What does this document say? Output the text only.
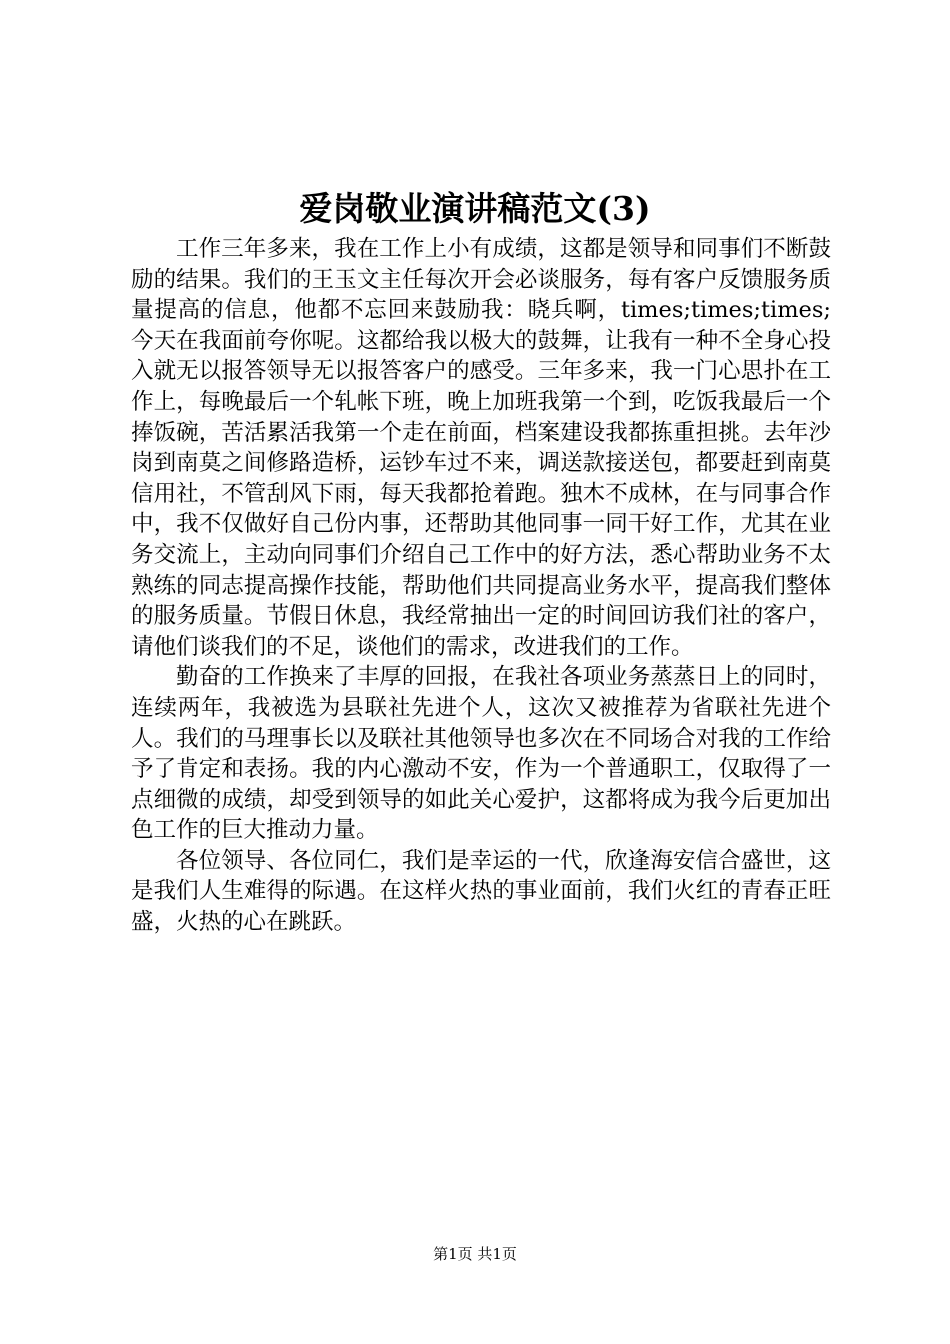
爱岗敬业演讲稿范文(3)

工作三年多来，我在工作上小有成绩，这都是领导和同事们不断鼓励的结果。我们的王玉文主任每次开会必谈服务，每有客户反馈服务质量提高的信息，他都不忘回来鼓励我：晓兵啊，times;times;times;今天在我面前夸你呢。这都给我以极大的鼓舞，让我有一种不全身心投入就无以报答领导无以报答客户的感受。三年多来，我一门心思扑在工作上，每晚最后一个轧帐下班，晚上加班我第一个到，吃饭我最后一个捧饭碗，苦活累活我第一个走在前面，档案建设我都拣重担挑。去年沙岗到南莫之间修路造桥，运钞车过不来，调送款接送包，都要赶到南莫信用社，不管刮风下雨，每天我都抢着跑。独木不成林，在与同事合作中，我不仅做好自己份内事，还帮助其他同事一同干好工作，尤其在业务交流上，主动向同事们介绍自己工作中的好方法，悉心帮助业务不太熟练的同志提高操作技能，帮助他们共同提高业务水平，提高我们整体的服务质量。节假日休息，我经常抽出一定的时间回访我们社的客户，请他们谈我们的不足，谈他们的需求，改进我们的工作。

勤奋的工作换来了丰厚的回报，在我社各项业务蒸蒸日上的同时，连续两年，我被选为县联社先进个人，这次又被推荐为省联社先进个人。我们的马理事长以及联社其他领导也多次在不同场合对我的工作给予了肯定和表扬。我的内心激动不安，作为一个普通职工，仅取得了一点细微的成绩，却受到领导的如此关心爱护，这都将成为我今后更加出色工作的巨大推动力量。

各位领导、各位同仁，我们是幸运的一代，欣逢海安信合盛世，这是我们人生难得的际遇。在这样火热的事业面前，我们火红的青春正旺盛，火热的心在跳跃。

第1页 共1页
